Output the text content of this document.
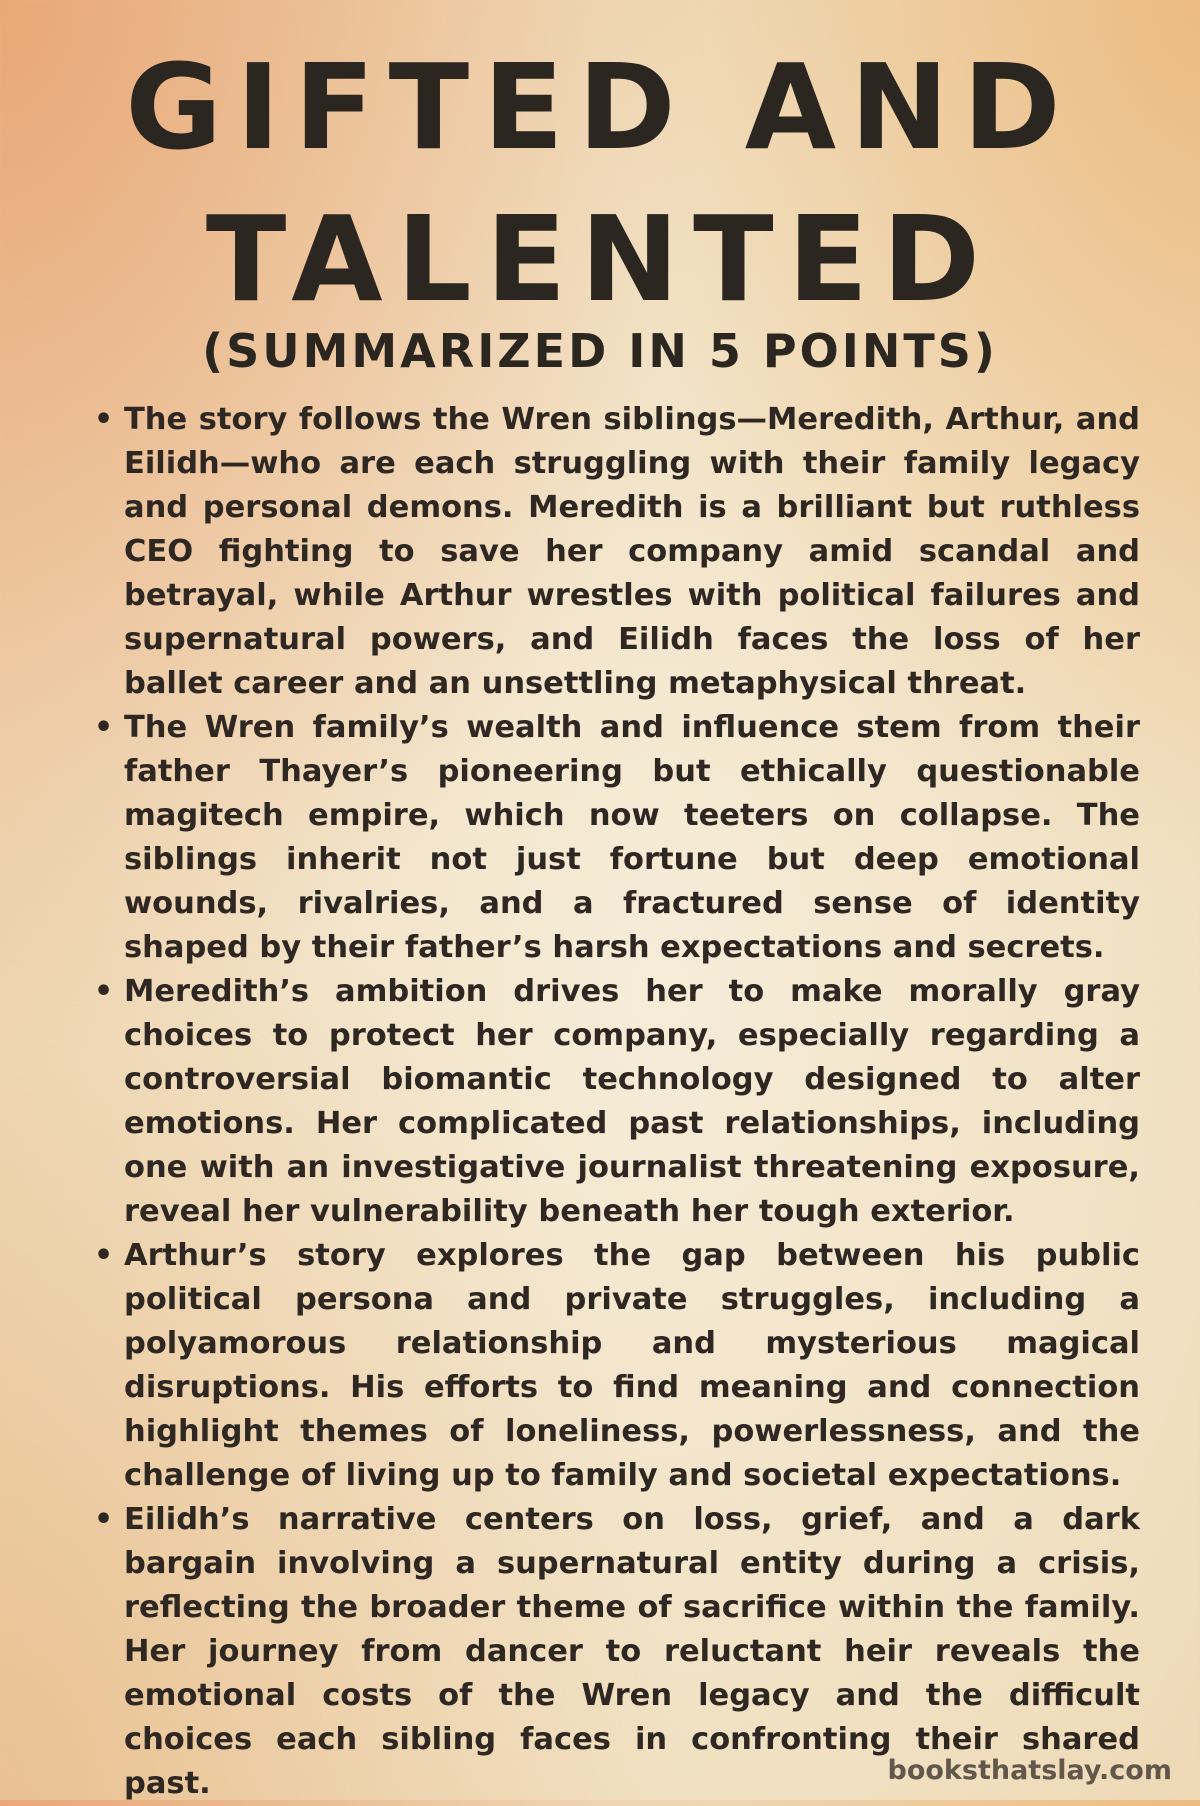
GIFTED AND
TALENTED
(SUMMARIZED IN 5 POINTS)
• The story follows the Wren siblings—Meredith, Arthur, and Eilidh—who are each struggling with their family legacy and personal demons. Meredith is a brilliant but ruthless CEO fighting to save her company amid scandal and betrayal, while Arthur wrestles with political failures and supernatural powers, and Eilidh faces the loss of her ballet career and an unsettling metaphysical threat.
• The Wren family’s wealth and influence stem from their father Thayer’s pioneering but ethically questionable magitech empire, which now teeters on collapse. The siblings inherit not just fortune but deep emotional wounds, rivalries, and a fractured sense of identity shaped by their father’s harsh expectations and secrets.
• Meredith’s ambition drives her to make morally gray choices to protect her company, especially regarding a controversial biomantic technology designed to alter emotions. Her complicated past relationships, including one with an investigative journalist threatening exposure, reveal her vulnerability beneath her tough exterior.
• Arthur’s story explores the gap between his public political persona and private struggles, including a polyamorous relationship and mysterious magical disruptions. His efforts to find meaning and connection highlight themes of loneliness, powerlessness, and the challenge of living up to family and societal expectations.
• Eilidh’s narrative centers on loss, grief, and a dark bargain involving a supernatural entity during a crisis, reflecting the broader theme of sacrifice within the family. Her journey from dancer to reluctant heir reveals the emotional costs of the Wren legacy and the difficult choices each sibling faces in confronting their shared past.	booksthatslay.com
